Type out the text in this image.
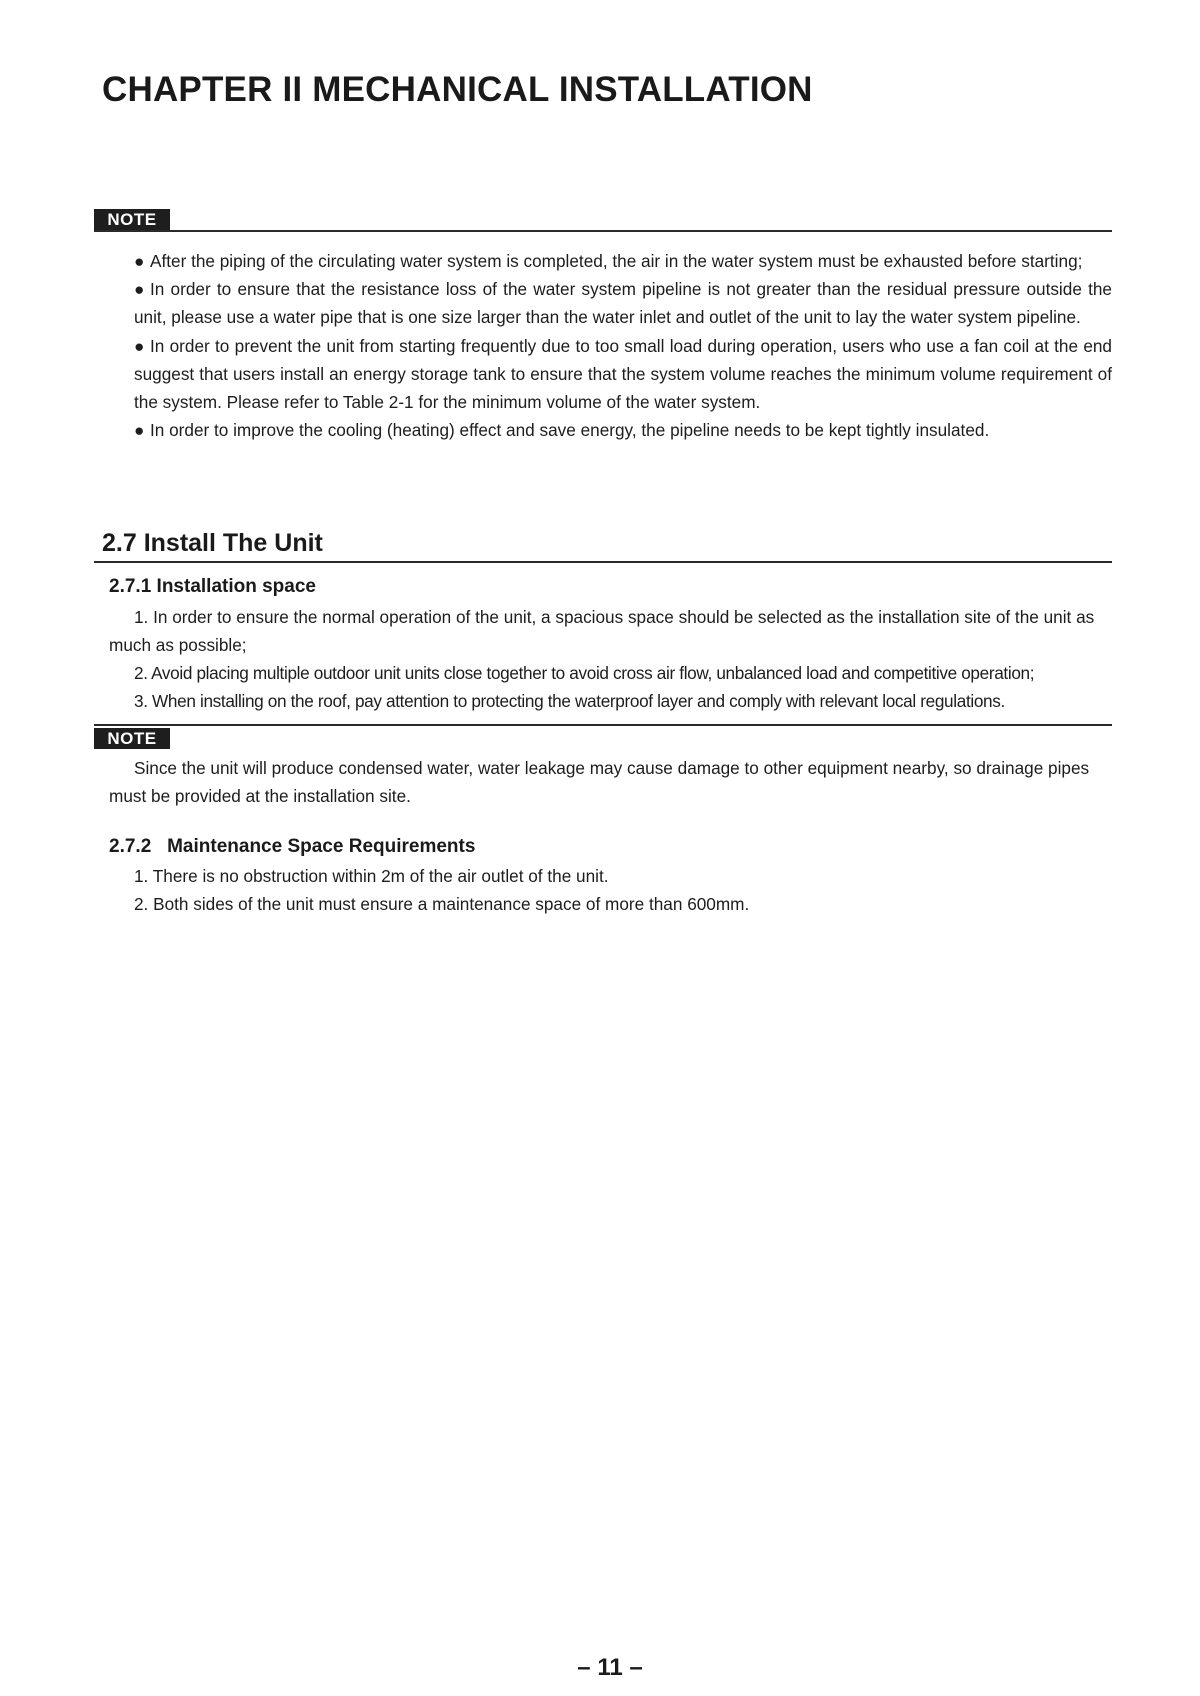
CHAPTER II MECHANICAL INSTALLATION
NOTE
● After the piping of the circulating water system is completed, the air in the water system must be exhausted before starting;
● In order to ensure that the resistance loss of the water system pipeline is not greater than the residual pressure outside the unit, please use a water pipe that is one size larger than the water inlet and outlet of the unit to lay the water system pipeline.
● In order to prevent the unit from starting frequently due to too small load during operation, users who use a fan coil at the end suggest that users install an energy storage tank to ensure that the system volume reaches the minimum volume requirement of the system. Please refer to Table 2-1 for the minimum volume of the water system.
● In order to improve the cooling (heating) effect and save energy, the pipeline needs to be kept tightly insulated.
2.7 Install The Unit
2.7.1 Installation space

1. In order to ensure the normal operation of the unit, a spacious space should be selected as the installation site of the unit as much as possible;

2. Avoid placing multiple outdoor unit units close together to avoid cross air flow, unbalanced load and competitive operation;

3. When installing on the roof, pay attention to protecting the waterproof layer and comply with relevant local regulations.

NOTE

Since the unit will produce condensed water, water leakage may cause damage to other equipment nearby, so drainage pipes must be provided at the installation site.

2.7.2   Maintenance Space Requirements

1. There is no obstruction within 2m of the air outlet of the unit.

2. Both sides of the unit must ensure a maintenance space of more than 600mm.

– 11 –
